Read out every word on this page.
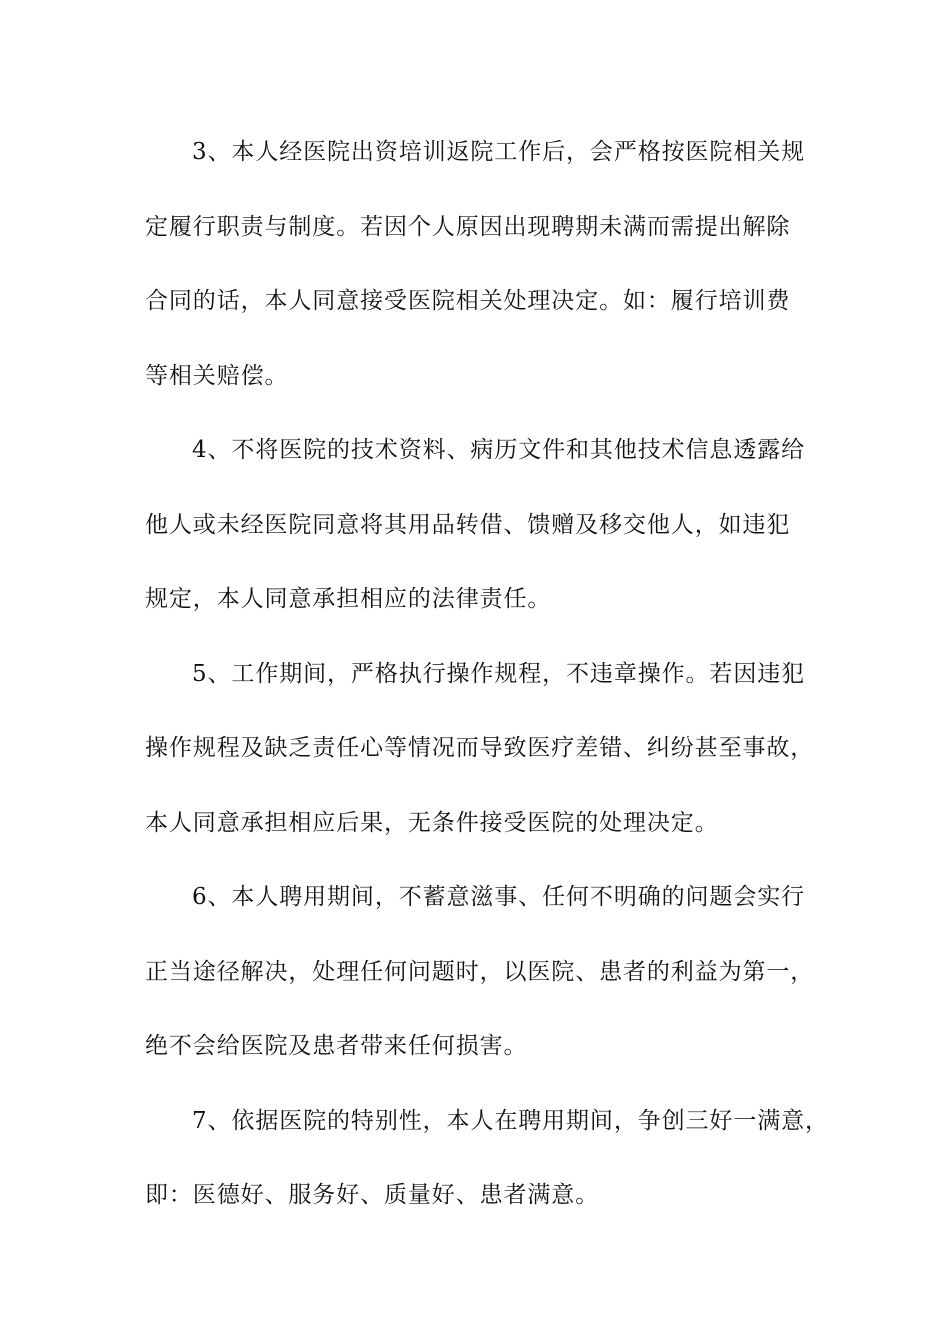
3、本人经医院出资培训返院工作后，会严格按医院相关规

定履行职责与制度。若因个人原因出现聘期未满而需提出解除

合同的话，本人同意接受医院相关处理决定。如：履行培训费

等相关赔偿。

4、不将医院的技术资料、病历文件和其他技术信息透露给

他人或未经医院同意将其用品转借、馈赠及移交他人，如违犯

规定，本人同意承担相应的法律责任。

5、工作期间，严格执行操作规程，不违章操作。若因违犯

操作规程及缺乏责任心等情况而导致医疗差错、纠纷甚至事故，

本人同意承担相应后果，无条件接受医院的处理决定。

6、本人聘用期间，不蓄意滋事、任何不明确的问题会实行

正当途径解决，处理任何问题时，以医院、患者的利益为第一，

绝不会给医院及患者带来任何损害。

7、依据医院的特别性，本人在聘用期间，争创三好一满意，

即：医德好、服务好、质量好、患者满意。
